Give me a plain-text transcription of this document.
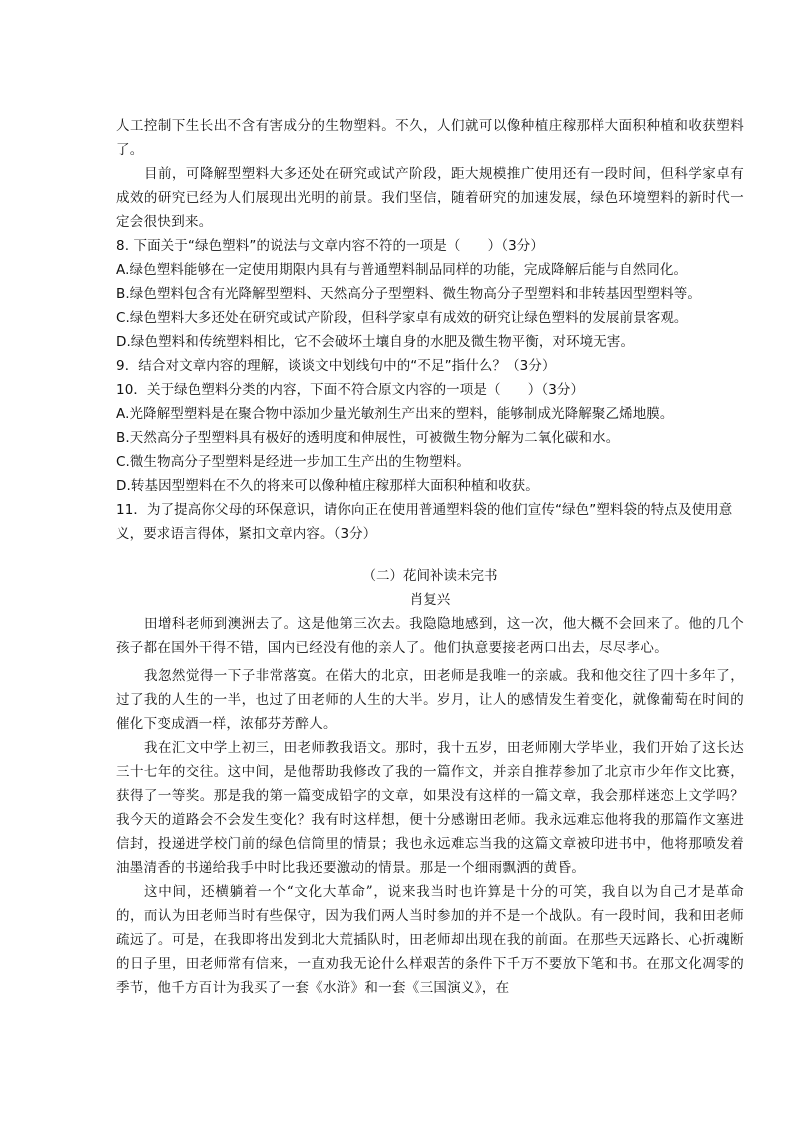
人工控制下生长出不含有害成分的生物塑料。不久，人们就可以像种植庄稼那样大面积种植和收获塑料了。

目前，可降解型塑料大多还处在研究或试产阶段，距大规模推广使用还有一段时间，但科学家卓有成效的研究已经为人们展现出光明的前景。我们坚信，随着研究的加速发展，绿色环境塑料的新时代一定会很快到来。

8. 下面关于“绿色塑料”的说法与文章内容不符的一项是（　　）（3分）

A.绿色塑料能够在一定使用期限内具有与普通塑料制品同样的功能，完成降解后能与自然同化。

B.绿色塑料包含有光降解型塑料、天然高分子型塑料、微生物高分子型塑料和非转基因型塑料等。

C.绿色塑料大多还处在研究或试产阶段，但科学家卓有成效的研究让绿色塑料的发展前景客观。

D.绿色塑料和传统塑料相比，它不会破坏土壤自身的水肥及微生物平衡，对环境无害。

9．结合对文章内容的理解，谈谈文中划线句中的“不足”指什么？（3分）

10．关于绿色塑料分类的内容，下面不符合原文内容的一项是（　　）（3分）

A.光降解型塑料是在聚合物中添加少量光敏剂生产出来的塑料，能够制成光降解聚乙烯地膜。

B.天然高分子型塑料具有极好的透明度和伸展性，可被微生物分解为二氧化碳和水。

C.微生物高分子型塑料是经进一步加工生产出的生物塑料。

D.转基因型塑料在不久的将来可以像种植庄稼那样大面积种植和收获。

11．为了提高你父母的环保意识，请你向正在使用普通塑料袋的他们宣传“绿色”塑料袋的特点及使用意义，要求语言得体，紧扣文章内容。（3分）

（二）花间补读未完书

肖复兴

田增科老师到澳洲去了。这是他第三次去。我隐隐地感到，这一次，他大概不会回来了。他的几个孩子都在国外干得不错，国内已经没有他的亲人了。他们执意要接老两口出去，尽尽孝心。

我忽然觉得一下子非常落寞。在偌大的北京，田老师是我唯一的亲戚。我和他交往了四十多年了，过了我的人生的一半，也过了田老师的人生的大半。岁月，让人的感情发生着变化，就像葡萄在时间的催化下变成酒一样，浓郁芬芳醉人。

我在汇文中学上初三，田老师教我语文。那时，我十五岁，田老师刚大学毕业，我们开始了这长达三十七年的交往。这中间，是他帮助我修改了我的一篇作文，并亲自推荐参加了北京市少年作文比赛，获得了一等奖。那是我的第一篇变成铅字的文章，如果没有这样的一篇文章，我会那样迷恋上文学吗？我今天的道路会不会发生变化？我有时这样想，便十分感谢田老师。我永远难忘他将我的那篇作文塞进信封，投递进学校门前的绿色信筒里的情景；我也永远难忘当我的这篇文章被印进书中，他将那喷发着油墨清香的书递给我手中时比我还要激动的情景。那是一个细雨飘洒的黄昏。

这中间，还横躺着一个“文化大革命”，说来我当时也许算是十分的可笑，我自以为自己才是革命的，而认为田老师当时有些保守，因为我们两人当时参加的并不是一个战队。有一段时间，我和田老师疏远了。可是，在我即将出发到北大荒插队时，田老师却出现在我的前面。在那些天远路长、心折魂断的日子里，田老师常有信来，一直劝我无论什么样艰苦的条件下千万不要放下笔和书。在那文化凋零的季节，他千方百计为我买了一套《水浒》和一套《三国演义》，在
